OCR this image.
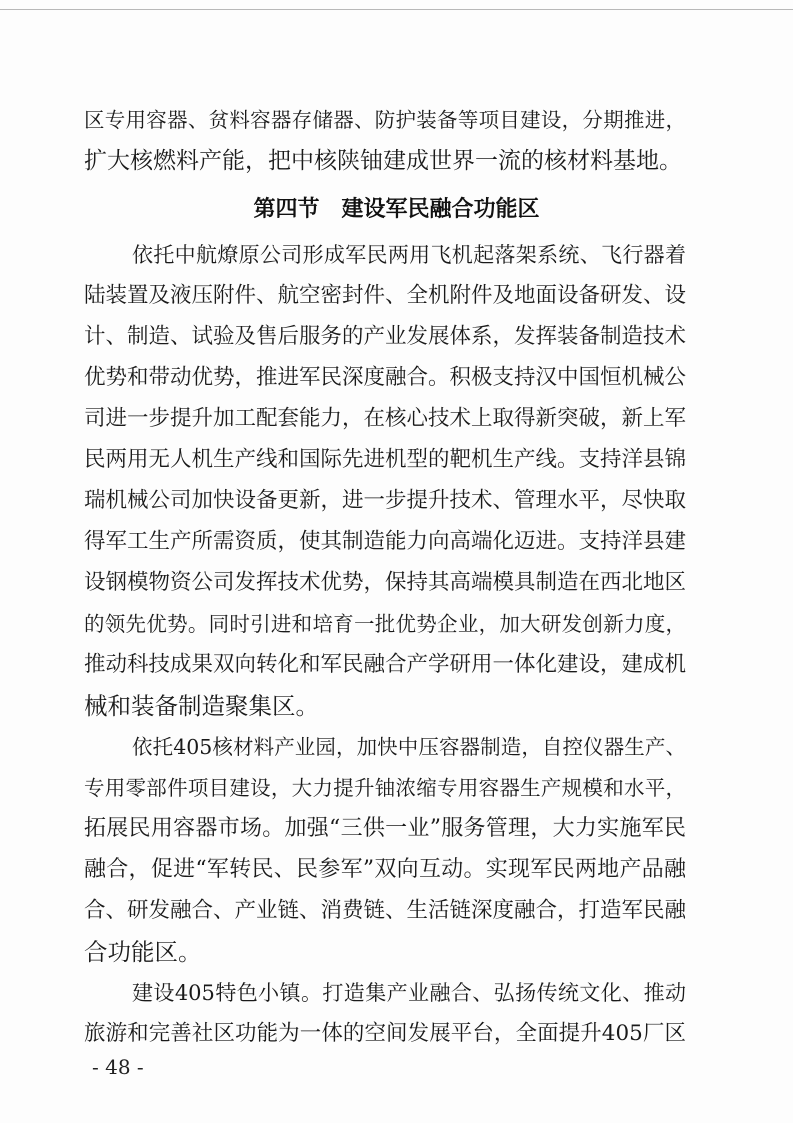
区专用容器、贫料容器存储器、防护装备等项目建设，分期推进，
扩大核燃料产能，把中核陕铀建成世界一流的核材料基地。
第四节 建设军民融合功能区
依托中航燎原公司形成军民两用飞机起落架系统、飞行器着
陆装置及液压附件、航空密封件、全机附件及地面设备研发、设
计、制造、试验及售后服务的产业发展体系，发挥装备制造技术
优势和带动优势，推进军民深度融合。积极支持汉中国恒机械公
司进一步提升加工配套能力，在核心技术上取得新突破，新上军
民两用无人机生产线和国际先进机型的靶机生产线。支持洋县锦
瑞机械公司加快设备更新，进一步提升技术、管理水平，尽快取
得军工生产所需资质，使其制造能力向高端化迈进。支持洋县建
设钢模物资公司发挥技术优势，保持其高端模具制造在西北地区
的领先优势。同时引进和培育一批优势企业，加大研发创新力度，
推动科技成果双向转化和军民融合产学研用一体化建设，建成机
械和装备制造聚集区。
依托405核材料产业园，加快中压容器制造，自控仪器生产、
专用零部件项目建设，大力提升铀浓缩专用容器生产规模和水平，
拓展民用容器市场。加强“三供一业”服务管理，大力实施军民
融合，促进“军转民、民参军”双向互动。实现军民两地产品融
合、研发融合、产业链、消费链、生活链深度融合，打造军民融
合功能区。
建设405特色小镇。打造集产业融合、弘扬传统文化、推动
旅游和完善社区功能为一体的空间发展平台，全面提升405厂区
- 48 -
